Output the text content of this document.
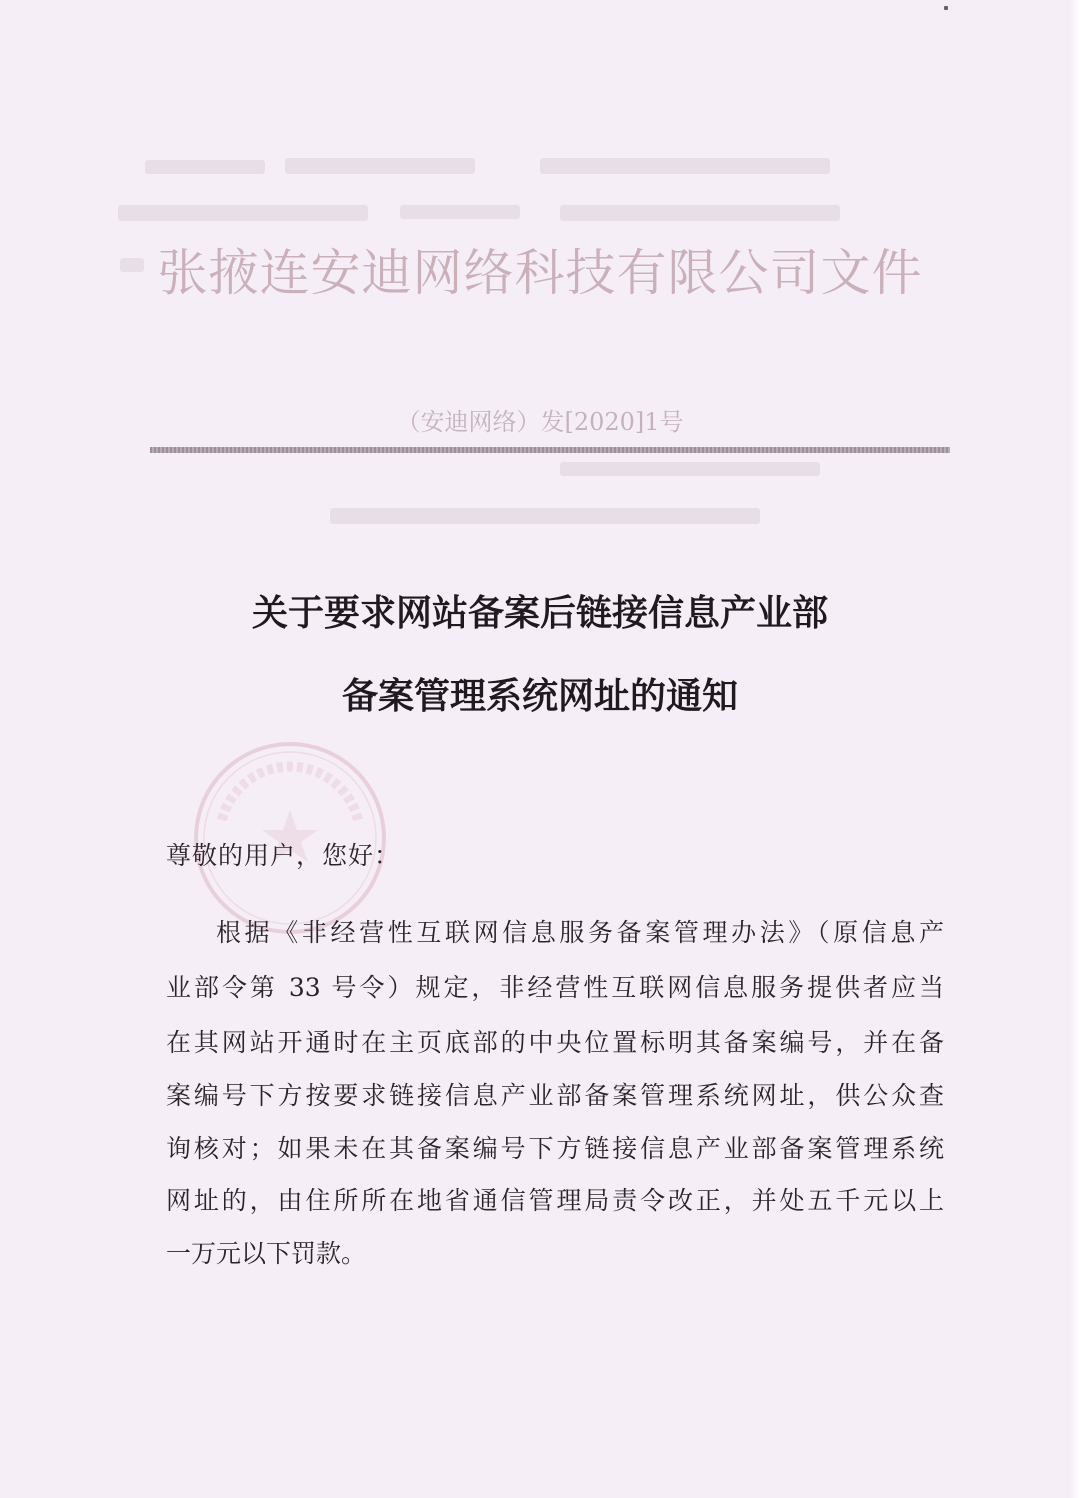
张掖连安迪网络科技有限公司文件
（安迪网络）发[2020]1号
关于要求网站备案后链接信息产业部
备案管理系统网址的通知
尊敬的用户，您好：
根据《非经营性互联网信息服务备案管理办法》（原信息产
业部令第 33 号令）规定，非经营性互联网信息服务提供者应当
在其网站开通时在主页底部的中央位置标明其备案编号，并在备
案编号下方按要求链接信息产业部备案管理系统网址，供公众查
询核对；如果未在其备案编号下方链接信息产业部备案管理系统
网址的，由住所所在地省通信管理局责令改正，并处五千元以上
一万元以下罚款。
